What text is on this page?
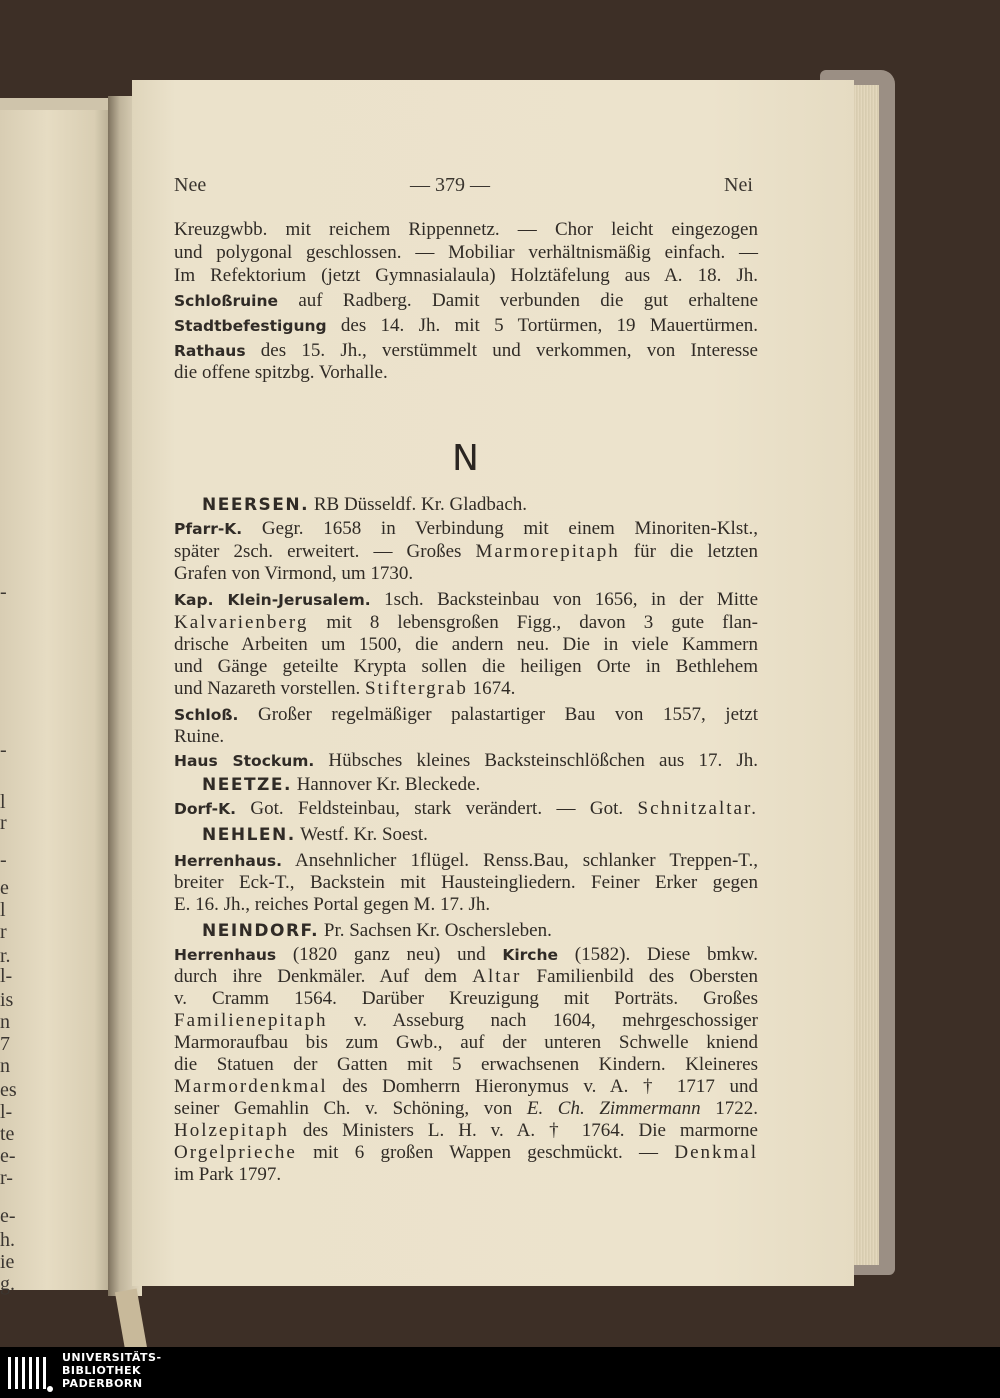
-
-
l
r
-
e
l
r
r.
l-
is
n
7
n
es
l-
te
e-
r-
e-
h.
ie
g.
Nee	— 379 —	Nei
Kreuzgwbb. mit reichem Rippennetz. — Chor leicht eingezogen
und polygonal geschlossen. — Mobiliar verhältnismäßig einfach. —
Im Refektorium (jetzt Gymnasialaula) Holztäfelung aus A. 18. Jh.
Schloßruine auf Radberg. Damit verbunden die gut erhaltene
Stadtbefestigung des 14. Jh. mit 5 Tortürmen, 19 Mauertürmen.
Rathaus des 15. Jh., verstümmelt und verkommen, von Interesse
die offene spitzbg. Vorhalle.
N
NEERSEN. RB Düsseldf. Kr. Gladbach.
Pfarr-K. Gegr. 1658 in Verbindung mit einem Minoriten-Klst.,
später 2sch. erweitert. — Großes Marmorepitaph für die letzten
Grafen von Virmond, um 1730.
Kap. Klein-Jerusalem. 1sch. Backsteinbau von 1656, in der Mitte
Kalvarienberg mit 8 lebensgroßen Figg., davon 3 gute flan-
drische Arbeiten um 1500, die andern neu. Die in viele Kammern
und Gänge geteilte Krypta sollen die heiligen Orte in Bethlehem
und Nazareth vorstellen. Stiftergrab 1674.
Schloß. Großer regelmäßiger palastartiger Bau von 1557, jetzt
Ruine.
Haus Stockum. Hübsches kleines Backsteinschlößchen aus 17. Jh.
NEETZE. Hannover Kr. Bleckede.
Dorf-K. Got. Feldsteinbau, stark verändert. — Got. Schnitzaltar.
NEHLEN. Westf. Kr. Soest.
Herrenhaus. Ansehnlicher 1flügel. Renss.Bau, schlanker Treppen-T.,
breiter Eck-T., Backstein mit Hausteingliedern. Feiner Erker gegen
E. 16. Jh., reiches Portal gegen M. 17. Jh.
NEINDORF. Pr. Sachsen Kr. Oschersleben.
Herrenhaus (1820 ganz neu) und Kirche (1582). Diese bmkw.
durch ihre Denkmäler. Auf dem Altar Familienbild des Obersten
v. Cramm 1564. Darüber Kreuzigung mit Porträts. Großes
Familienepitaph v. Asseburg nach 1604, mehrgeschossiger
Marmoraufbau bis zum Gwb., auf der unteren Schwelle kniend
die Statuen der Gatten mit 5 erwachsenen Kindern. Kleineres
Marmordenkmal des Domherrn Hieronymus v. A. † 1717 und
seiner Gemahlin Ch. v. Schöning, von E. Ch. Zimmermann 1722.
Holzepitaph des Ministers L. H. v. A. † 1764. Die marmorne
Orgelprieche mit 6 großen Wappen geschmückt. — Denkmal
im Park 1797.
UNIVERSITÄTS-
BIBLIOTHEK
PADERBORN
